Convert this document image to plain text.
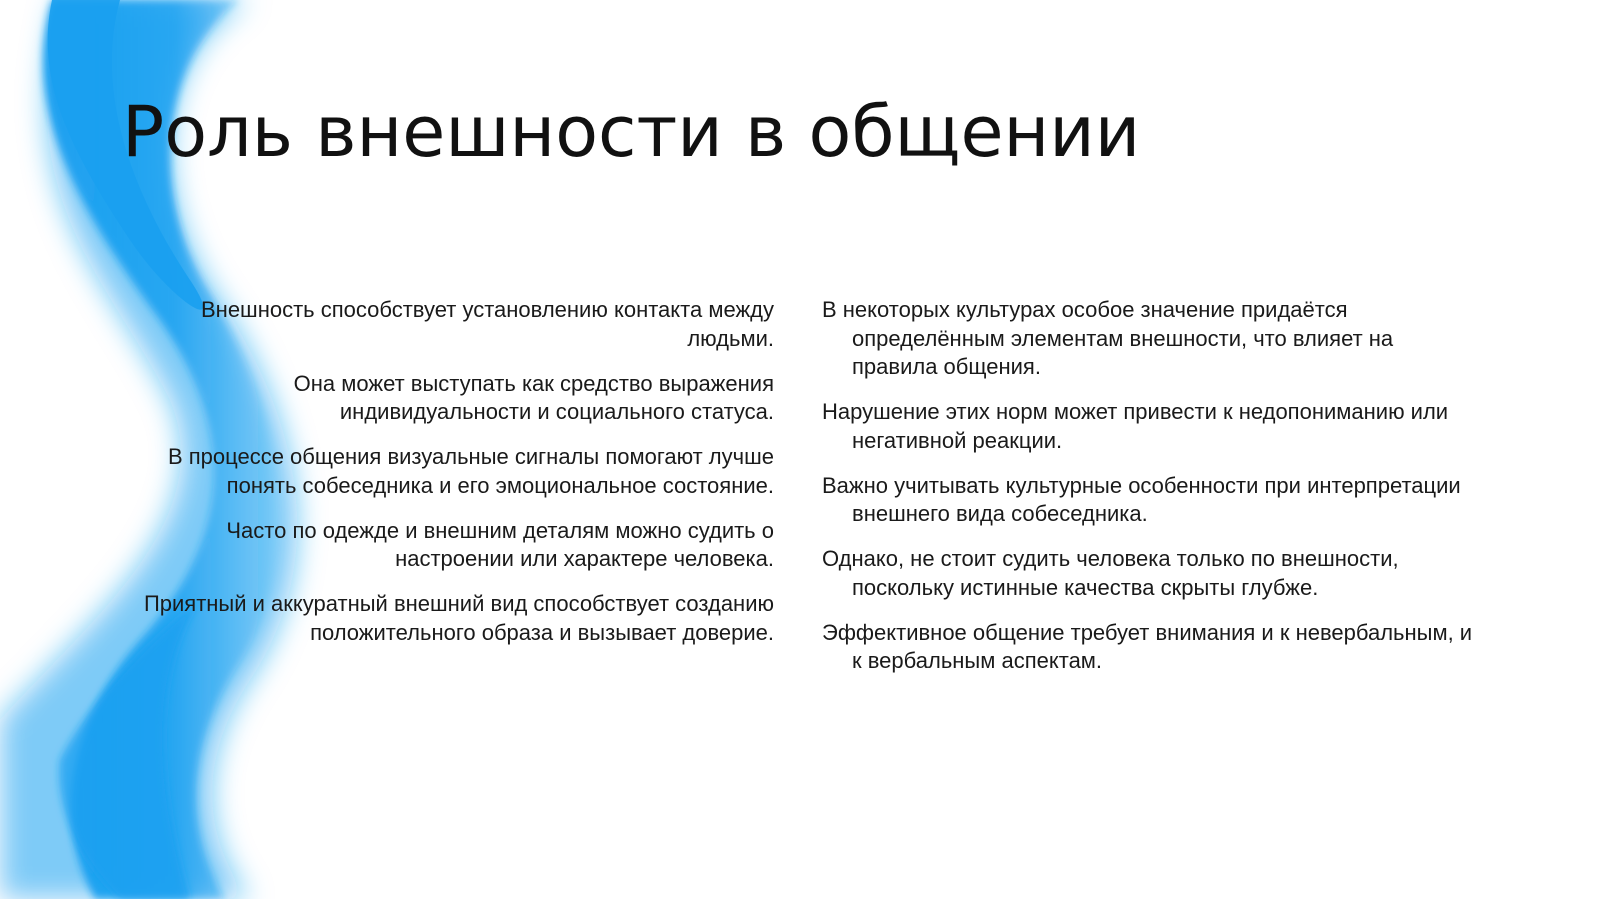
Роль внешности в общении
Внешность способствует установлению контакта между людьми.
Она может выступать как средство выражения индивидуальности и социального статуса.
В процессе общения визуальные сигналы помогают лучше понять собеседника и его эмоциональное состояние.
Часто по одежде и внешним деталям можно судить о настроении или характере человека.
Приятный и аккуратный внешний вид способствует созданию положительного образа и вызывает доверие.
В некоторых культурах особое значение придаётся определённым элементам внешности, что влияет на правила общения.
Нарушение этих норм может привести к недопониманию или негативной реакции.
Важно учитывать культурные особенности при интерпретации внешнего вида собеседника.
Однако, не стоит судить человека только по внешности, поскольку истинные качества скрыты глубже.
Эффективное общение требует внимания и к невербальным, и к вербальным аспектам.
